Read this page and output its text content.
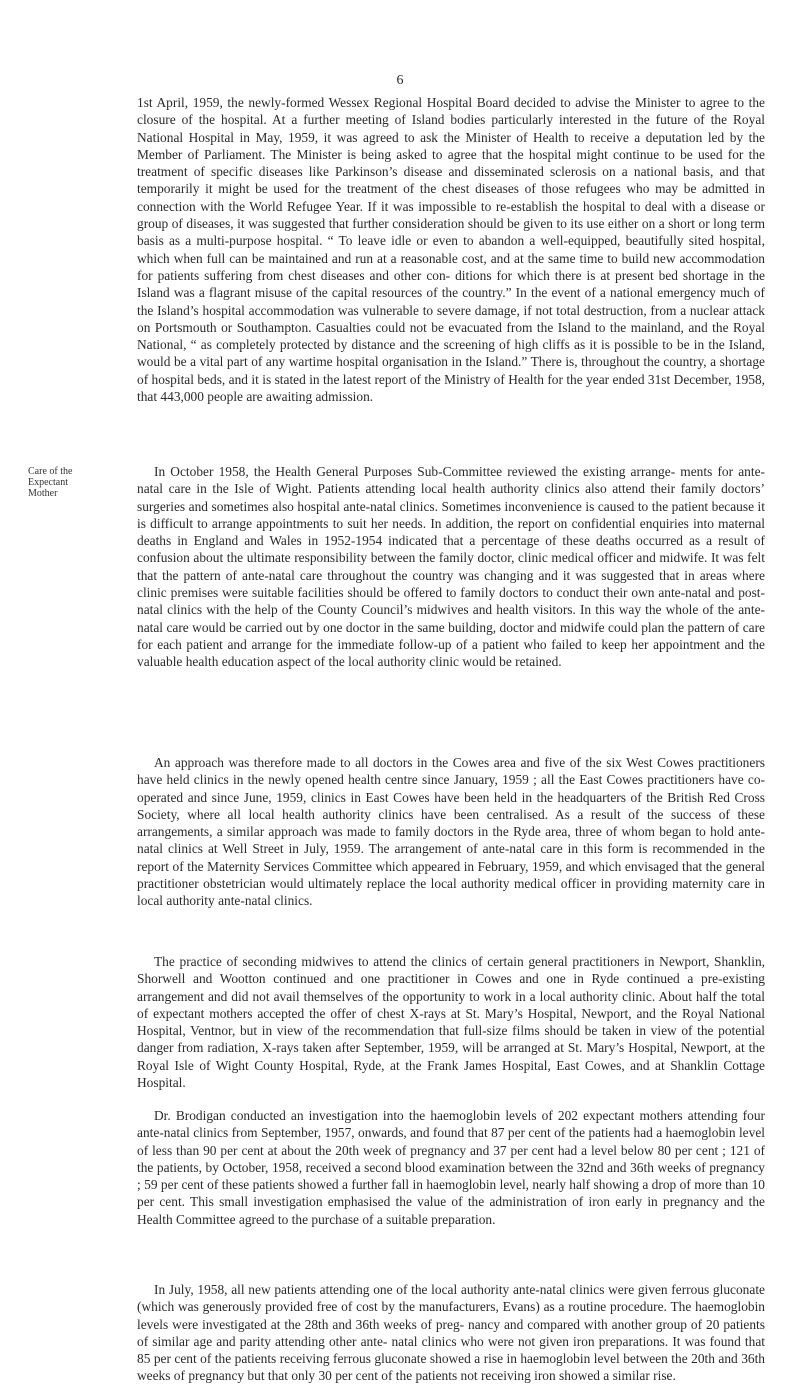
6

1st April, 1959, the newly-formed Wessex Regional Hospital Board decided to advise the Minister to agree to the closure of the hospital. At a further meeting of Island bodies particularly interested in the future of the Royal National Hospital in May, 1959, it was agreed to ask the Minister of Health to receive a deputation led by the Member of Parliament. The Minister is being asked to agree that the hospital might continue to be used for the treatment of specific diseases like Parkinson’s disease and disseminated sclerosis on a national basis, and that temporarily it might be used for the treatment of the chest diseases of those refugees who may be admitted in connection with the World Refugee Year. If it was impossible to re-establish the hospital to deal with a disease or group of diseases, it was suggested that further consideration should be given to its use either on a short or long term basis as a multi-purpose hospital. “ To leave idle or even to abandon a well-equipped, beautifully sited hospital, which when full can be maintained and run at a reasonable cost, and at the same time to build new accommodation for patients suffering from chest diseases and other con- ditions for which there is at present bed shortage in the Island was a flagrant misuse of the capital resources of the country.” In the event of a national emergency much of the Island’s hospital accommodation was vulnerable to severe damage, if not total destruction, from a nuclear attack on Portsmouth or Southampton. Casualties could not be evacuated from the Island to the mainland, and the Royal National, “ as completely protected by distance and the screening of high cliffs as it is possible to be in the Island, would be a vital part of any wartime hospital organisation in the Island.” There is, throughout the country, a shortage of hospital beds, and it is stated in the latest report of the Ministry of Health for the year ended 31st December, 1958, that 443,000 people are awaiting admission.

Care of the
Expectant
Mother

In October 1958, the Health General Purposes Sub-Committee reviewed the existing arrange- ments for ante-natal care in the Isle of Wight. Patients attending local health authority clinics also attend their family doctors’ surgeries and sometimes also hospital ante-natal clinics. Sometimes inconvenience is caused to the patient because it is difficult to arrange appointments to suit her needs. In addition, the report on confidential enquiries into maternal deaths in England and Wales in 1952-1954 indicated that a percentage of these deaths occurred as a result of confusion about the ultimate responsibility between the family doctor, clinic medical officer and midwife. It was felt that the pattern of ante-natal care throughout the country was changing and it was suggested that in areas where clinic premises were suitable facilities should be offered to family doctors to conduct their own ante-natal and post-natal clinics with the help of the County Council’s midwives and health visitors. In this way the whole of the ante-natal care would be carried out by one doctor in the same building, doctor and midwife could plan the pattern of care for each patient and arrange for the immediate follow-up of a patient who failed to keep her appointment and the valuable health education aspect of the local authority clinic would be retained.

An approach was therefore made to all doctors in the Cowes area and five of the six West Cowes practitioners have held clinics in the newly opened health centre since January, 1959 ; all the East Cowes practitioners have co-operated and since June, 1959, clinics in East Cowes have been held in the headquarters of the British Red Cross Society, where all local health authority clinics have been centralised. As a result of the success of these arrangements, a similar approach was made to family doctors in the Ryde area, three of whom began to hold ante-natal clinics at Well Street in July, 1959. The arrangement of ante-natal care in this form is recommended in the report of the Maternity Services Committee which appeared in February, 1959, and which envisaged that the general practitioner obstetrician would ultimately replace the local authority medical officer in providing maternity care in local authority ante-natal clinics.

The practice of seconding midwives to attend the clinics of certain general practitioners in Newport, Shanklin, Shorwell and Wootton continued and one practitioner in Cowes and one in Ryde continued a pre-existing arrangement and did not avail themselves of the opportunity to work in a local authority clinic. About half the total of expectant mothers accepted the offer of chest X-rays at St. Mary’s Hospital, Newport, and the Royal National Hospital, Ventnor, but in view of the recommendation that full-size films should be taken in view of the potential danger from radiation, X-rays taken after September, 1959, will be arranged at St. Mary’s Hospital, Newport, at the Royal Isle of Wight County Hospital, Ryde, at the Frank James Hospital, East Cowes, and at Shanklin Cottage Hospital.

Dr. Brodigan conducted an investigation into the haemoglobin levels of 202 expectant mothers attending four ante-natal clinics from September, 1957, onwards, and found that 87 per cent of the patients had a haemoglobin level of less than 90 per cent at about the 20th week of pregnancy and 37 per cent had a level below 80 per cent ; 121 of the patients, by October, 1958, received a second blood examination between the 32nd and 36th weeks of pregnancy ; 59 per cent of these patients showed a further fall in haemoglobin level, nearly half showing a drop of more than 10 per cent. This small investigation emphasised the value of the administration of iron early in pregnancy and the Health Committee agreed to the purchase of a suitable preparation.

In July, 1958, all new patients attending one of the local authority ante-natal clinics were given ferrous gluconate (which was generously provided free of cost by the manufacturers, Evans) as a routine procedure. The haemoglobin levels were investigated at the 28th and 36th weeks of preg- nancy and compared with another group of 20 patients of similar age and parity attending other ante- natal clinics who were not given iron preparations. It was found that 85 per cent of the patients receiving ferrous gluconate showed a rise in haemoglobin level between the 20th and 36th weeks of pregnancy but that only 30 per cent of the patients not receiving iron showed a similar rise.
